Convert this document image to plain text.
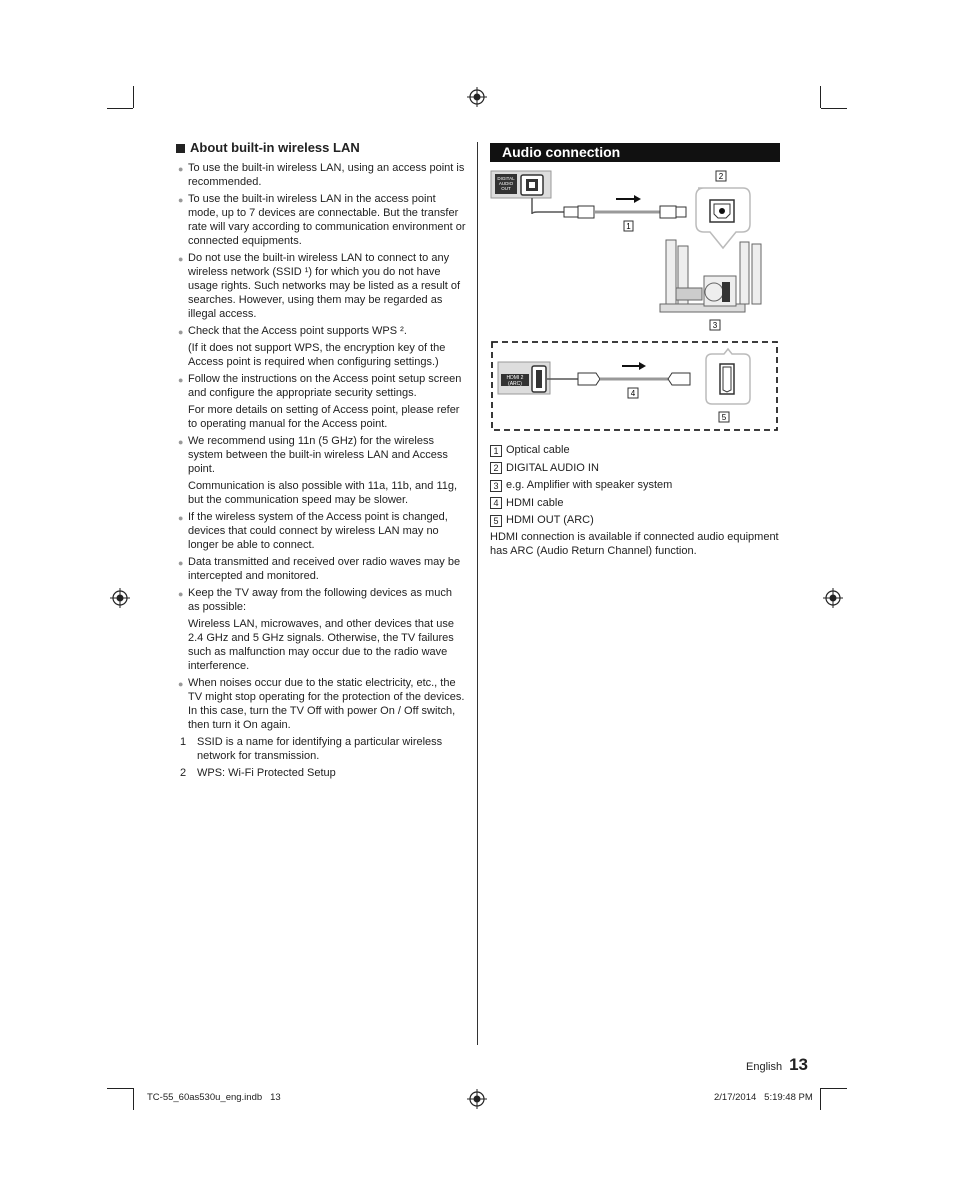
About built-in wireless LAN
● To use the built-in wireless LAN, using an access point is recommended.

● To use the built-in wireless LAN in the access point mode, up to 7 devices are connectable. But the transfer rate will vary according to communication environment or connected equipments.

● Do not use the built-in wireless LAN to connect to any wireless network (SSID ¹) for which you do not have usage rights. Such networks may be listed as a result of searches. However, using them may be regarded as illegal access.

● Check that the Access point supports WPS ².

(If it does not support WPS, the encryption key of the Access point is required when configuring settings.)

● Follow the instructions on the Access point setup screen and configure the appropriate security settings.

For more details on setting of Access point, please refer to operating manual for the Access point.

● We recommend using 11n (5 GHz) for the wireless system between the built-in wireless LAN and Access point.

Communication is also possible with 11a, 11b, and 11g, but the communication speed may be slower.

● If the wireless system of the Access point is changed, devices that could connect by wireless LAN may no longer be able to connect.

● Data transmitted and received over radio waves may be intercepted and monitored.

● Keep the TV away from the following devices as much as possible:

Wireless LAN, microwaves, and other devices that use 2.4 GHz and 5 GHz signals. Otherwise, the TV failures such as malfunction may occur due to the radio wave interference.

● When noises occur due to the static electricity, etc., the TV might stop operating for the protection of the devices. In this case, turn the TV Off with power On / Off switch, then turn it On again.

1 SSID is a name for identifying a particular wireless network for transmission.
2 WPS: Wi-Fi Protected Setup
Audio connection
DIGITAL
AUDIO
OUT
1
2
3
HDMI 2
(ARC)
4
5
1 Optical cable
2 DIGITAL AUDIO IN
3 e.g. Amplifier with speaker system
4 HDMI cable
5 HDMI OUT (ARC)
HDMI connection is available if connected audio equipment has ARC (Audio Return Channel) function.
English 13
TC-55_60as530u_eng.indb   13	2/17/2014   5:19:48 PM
